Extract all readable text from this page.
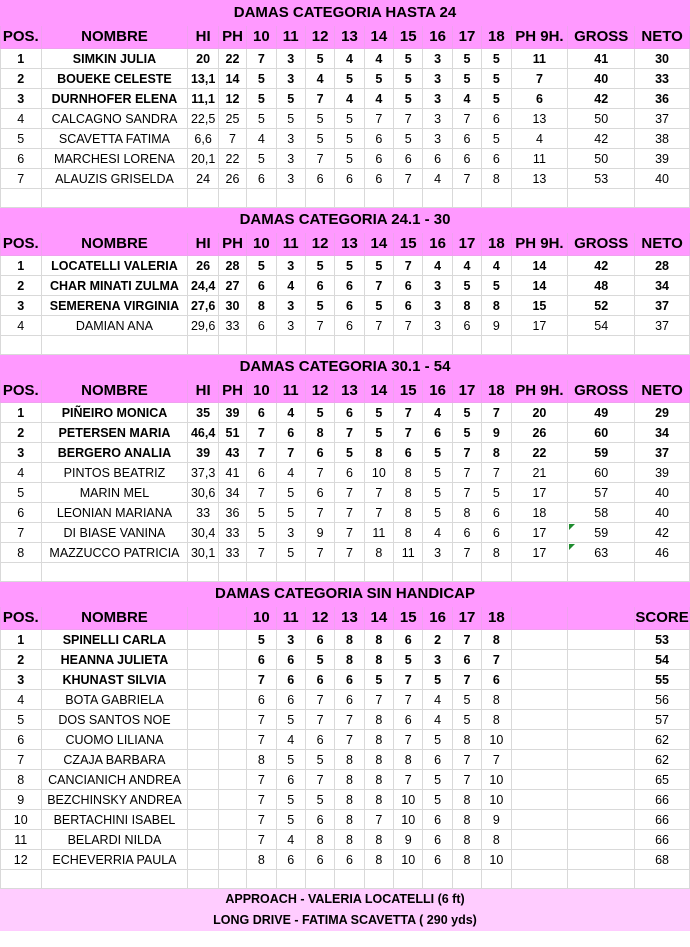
DAMAS CATEGORIA HASTA 24															
POS.	NOMBRE	HI	PH	10	11	12	13	14	15	16	17	18	PH 9H.	GROSS	NETO
1	SIMKIN JULIA	20	22	7	3	5	4	4	5	3	5	5	11	41	30
2	BOUEKE CELESTE	13,1	14	5	3	4	5	5	5	3	5	5	7	40	33
3	DURNHOFER ELENA	11,1	12	5	5	7	4	4	5	3	4	5	6	42	36
4	CALCAGNO SANDRA	22,5	25	5	5	5	5	7	7	3	7	6	13	50	37
5	SCAVETTA FATIMA	6,6	7	4	3	5	5	6	5	3	6	5	4	42	38
6	MARCHESI LORENA	20,1	22	5	3	7	5	6	6	6	6	6	11	50	39
7	ALAUZIS GRISELDA	24	26	6	3	6	6	6	7	4	7	8	13	53	40

DAMAS CATEGORIA 24.1 - 30															
POS.	NOMBRE	HI	PH	10	11	12	13	14	15	16	17	18	PH 9H.	GROSS	NETO
1	LOCATELLI VALERIA	26	28	5	3	5	5	5	7	4	4	4	14	42	28
2	CHAR MINATI ZULMA	24,4	27	6	4	6	6	7	6	3	5	5	14	48	34
3	SEMERENA VIRGINIA	27,6	30	8	3	5	6	5	6	3	8	8	15	52	37
4	DAMIAN ANA	29,6	33	6	3	7	6	7	7	3	6	9	17	54	37

DAMAS CATEGORIA 30.1 - 54															
POS.	NOMBRE	HI	PH	10	11	12	13	14	15	16	17	18	PH 9H.	GROSS	NETO
1	PIÑEIRO MONICA	35	39	6	4	5	6	5	7	4	5	7	20	49	29
2	PETERSEN MARIA	46,4	51	7	6	8	7	5	7	6	5	9	26	60	34
3	BERGERO ANALIA	39	43	7	7	6	5	8	6	5	7	8	22	59	37
4	PINTOS BEATRIZ	37,3	41	6	4	7	6	10	8	5	7	7	21	60	39
5	MARIN MEL	30,6	34	7	5	6	7	7	8	5	7	5	17	57	40
6	LEONIAN MARIANA	33	36	5	5	7	7	7	8	5	8	6	18	58	40
7	DI BIASE VANINA	30,4	33	5	3	9	7	11	8	4	6	6	17	59	42
8	MAZZUCCO PATRICIA	30,1	33	7	5	7	7	8	11	3	7	8	17	63	46

DAMAS CATEGORIA SIN HANDICAP															
POS.	NOMBRE			10	11	12	13	14	15	16	17	18			SCORE
1	SPINELLI CARLA			5	3	6	8	8	6	2	7	8			53
2	HEANNA JULIETA			6	6	5	8	8	5	3	6	7			54
3	KHUNAST SILVIA			7	6	6	6	5	7	5	7	6			55
4	BOTA GABRIELA			6	6	7	6	7	7	4	5	8			56
5	DOS SANTOS NOE			7	5	7	7	8	6	4	5	8			57
6	CUOMO LILIANA			7	4	6	7	8	7	5	8	10			62
7	CZAJA BARBARA			8	5	5	8	8	8	6	7	7			62
8	CANCIANICH ANDREA			7	6	7	8	8	7	5	7	10			65
9	BEZCHINSKY ANDREA			7	5	5	8	8	10	5	8	10			66
10	BERTACHINI ISABEL			7	5	6	8	7	10	6	8	9			66
11	BELARDI NILDA			7	4	8	8	8	9	6	8	8			66
12	ECHEVERRIA PAULA			8	6	6	6	8	10	6	8	10			68

APPROACH - VALERIA LOCATELLI (6 ft)															
LONG DRIVE - FATIMA SCAVETTA ( 290 yds)															
